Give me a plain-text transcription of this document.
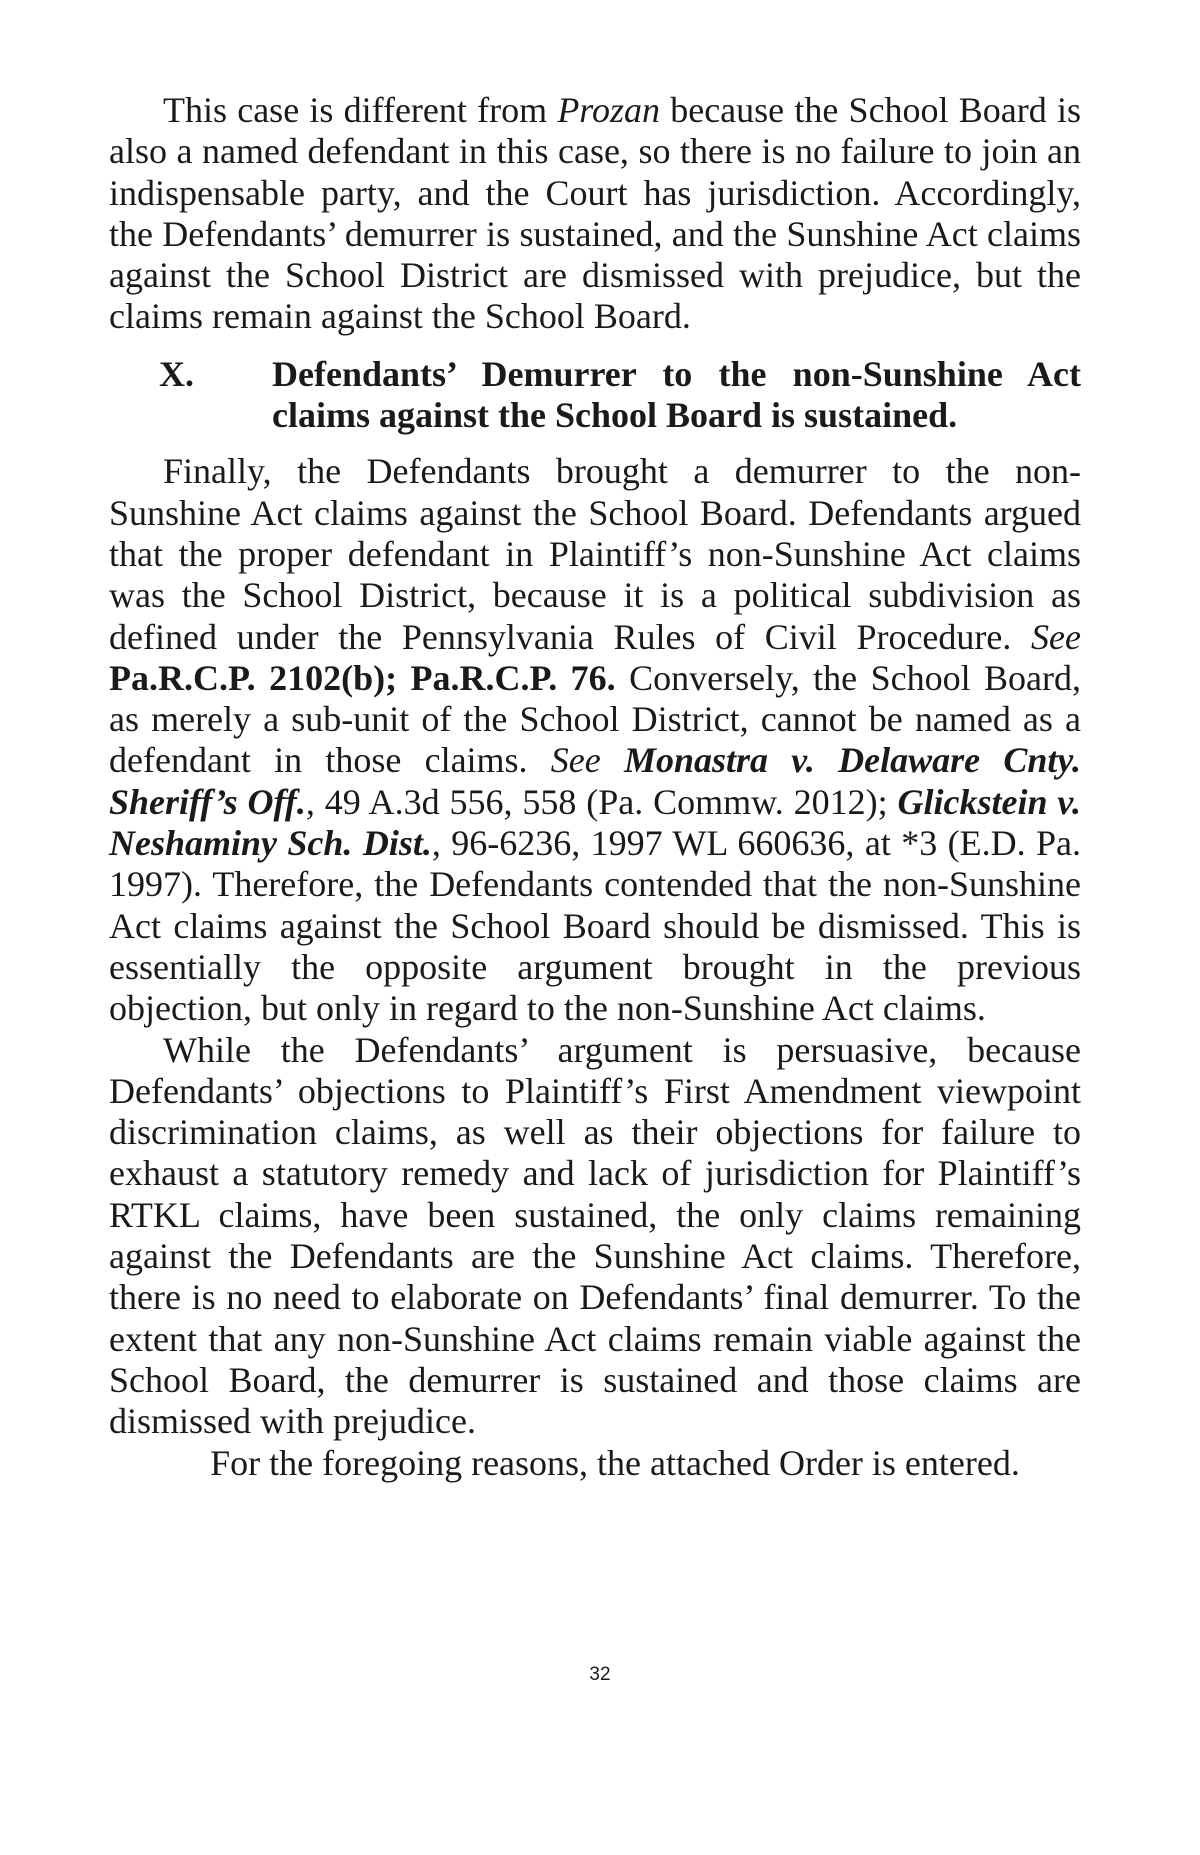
This case is different from Prozan because the School Board is also a named defendant in this case, so there is no failure to join an indispensable party, and the Court has jurisdiction. Accordingly, the Defendants’ demurrer is sustained, and the Sunshine Act claims against the School District are dismissed with prejudice, but the claims remain against the School Board.

X.	Defendants’ Demurrer to the non-Sunshine Act claims against the School Board is sustained.

Finally, the Defendants brought a demurrer to the non-Sunshine Act claims against the School Board. Defendants argued that the proper defendant in Plaintiff’s non-Sunshine Act claims was the School District, because it is a political subdivision as defined under the Pennsylvania Rules of Civil Procedure. See Pa.R.C.P. 2102(b); Pa.R.C.P. 76. Conversely, the School Board, as merely a sub-unit of the School District, cannot be named as a defendant in those claims. See Monastra v. Delaware Cnty. Sheriff’s Off., 49 A.3d 556, 558 (Pa. Commw. 2012); Glickstein v. Neshaminy Sch. Dist., 96-6236, 1997 WL 660636, at *3 (E.D. Pa. 1997). Therefore, the Defendants contended that the non-Sunshine Act claims against the School Board should be dismissed. This is essentially the opposite argument brought in the previous objection, but only in regard to the non-Sunshine Act claims.

While the Defendants’ argument is persuasive, because Defendants’ objections to Plaintiff’s First Amendment viewpoint discrimination claims, as well as their objections for failure to exhaust a statutory remedy and lack of jurisdiction for Plaintiff’s RTKL claims, have been sustained, the only claims remaining against the Defendants are the Sunshine Act claims. Therefore, there is no need to elaborate on Defendants’ final demurrer. To the extent that any non-Sunshine Act claims remain viable against the School Board, the demurrer is sustained and those claims are dismissed with prejudice.

For the foregoing reasons, the attached Order is entered.

32
